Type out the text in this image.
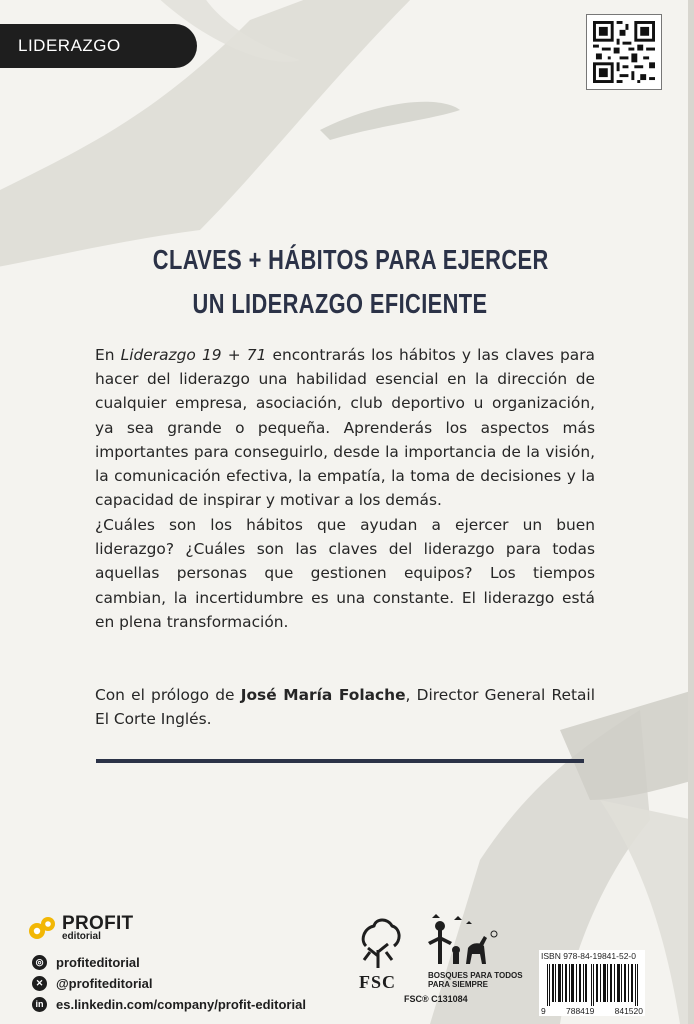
LIDERAZGO
CLAVES + HÁBITOS PARA EJERCER
UN LIDERAZGO EFICIENTE
En Liderazgo 19 + 71 encontrarás los hábitos y las claves para hacer del liderazgo una habilidad esencial en la dirección de cualquier empresa, asociación, club deportivo u organización, ya sea grande o pequeña. Aprenderás los aspectos más importantes para conseguirlo, desde la importancia de la visión, la comunicación efectiva, la empatía, la toma de decisiones y la capacidad de inspirar y motivar a los demás.
¿Cuáles son los hábitos que ayudan a ejercer un buen liderazgo? ¿Cuáles son las claves del liderazgo para todas aquellas personas que gestionen equipos? Los tiempos cambian, la incertidumbre es una constante. El liderazgo está en plena transformación.
Con el prólogo de José María Folache, Director General Retail El Corte Inglés.
PROFIT
editorial
◎ profiteditorial
✕ @profiteditorial
in es.linkedin.com/company/profit-editorial
FSC	BOSQUES PARA TODOS
PARA SIEMPRE
FSC® C131084
ISBN 978-84-19841-52-0
9 788419 841520
